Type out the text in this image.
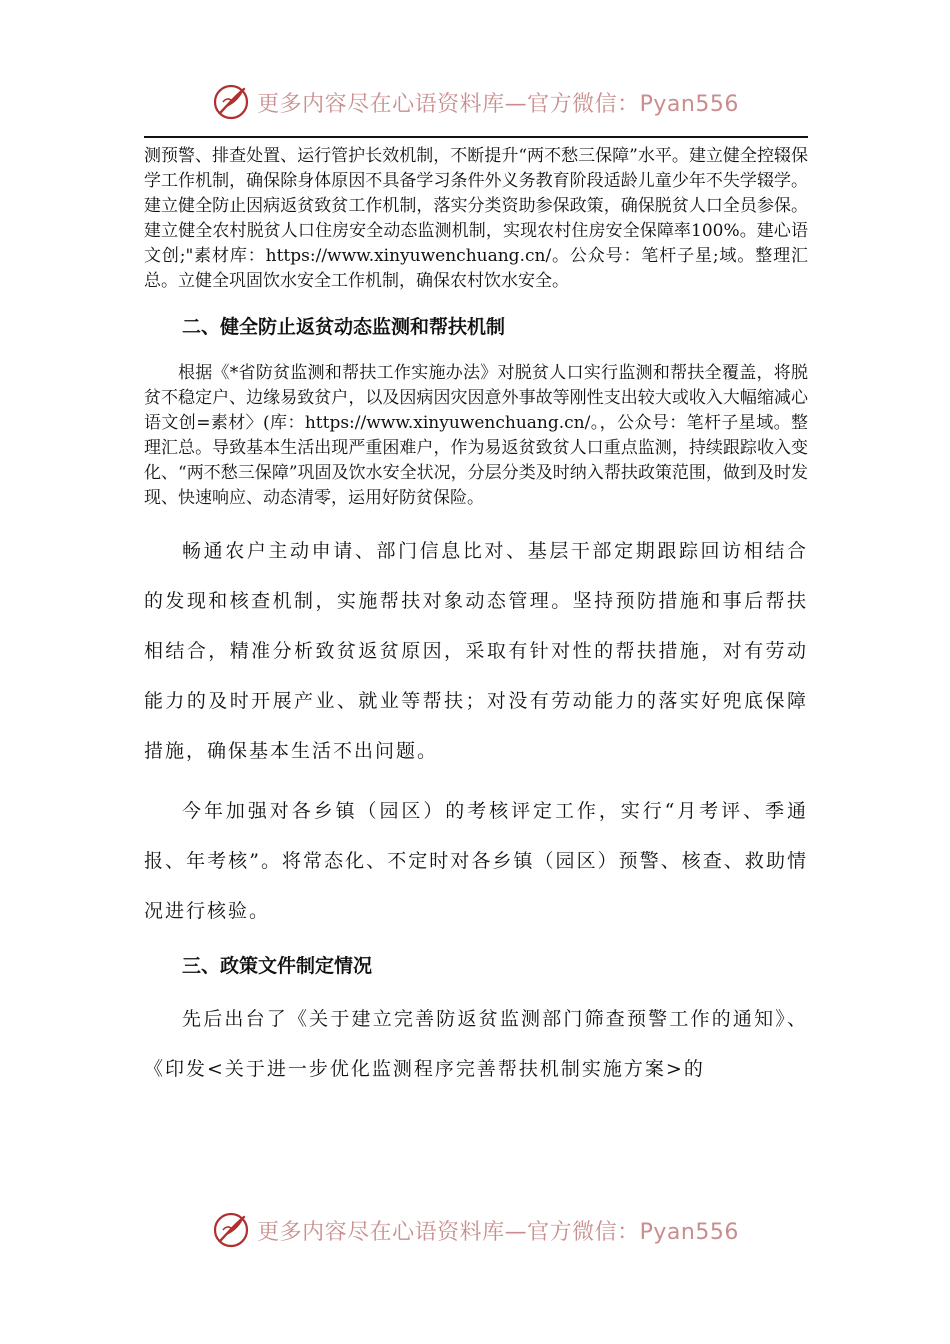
更多内容尽在心语资料库—官方微信：Pyan556

测预警、排查处置、运行管护长效机制，不断提升“两不愁三保障”水平。建立健全控辍保学工作机制，确保除身体原因不具备学习条件外义务教育阶段适龄儿童少年不失学辍学。建立健全防止因病返贫致贫工作机制，落实分类资助参保政策，确保脱贫人口全员参保。建立健全农村脱贫人口住房安全动态监测机制，实现农村住房安全保障率100%。建心语文创;"素材库：https://www.xinyuwenchuang.cn/。公众号：笔杆子星;域。整理汇总。立健全巩固饮水安全工作机制，确保农村饮水安全。

二、健全防止返贫动态监测和帮扶机制

根据《*省防贫监测和帮扶工作实施办法》对脱贫人口实行监测和帮扶全覆盖，将脱贫不稳定户、边缘易致贫户，以及因病因灾因意外事故等刚性支出较大或收入大幅缩减心语文创=素材〉(库：https://www.xinyuwenchuang.cn/。，公众号：笔杆子星域。整理汇总。导致基本生活出现严重困难户，作为易返贫致贫人口重点监测，持续跟踪收入变化、“两不愁三保障”巩固及饮水安全状况，分层分类及时纳入帮扶政策范围，做到及时发现、快速响应、动态清零，运用好防贫保险。

畅通农户主动申请、部门信息比对、基层干部定期跟踪回访相结合的发现和核查机制，实施帮扶对象动态管理。坚持预防措施和事后帮扶相结合，精准分析致贫返贫原因，采取有针对性的帮扶措施，对有劳动能力的及时开展产业、就业等帮扶；对没有劳动能力的落实好兜底保障措施，确保基本生活不出问题。

今年加强对各乡镇（园区）的考核评定工作，实行“月考评、季通报、年考核”。将常态化、不定时对各乡镇（园区）预警、核查、救助情况进行核验。

三、政策文件制定情况

先后出台了《关于建立完善防返贫监测部门筛查预警工作的通知》、《印发<关于进一步优化监测程序完善帮扶机制实施方案>的

更多内容尽在心语资料库—官方微信：Pyan556
